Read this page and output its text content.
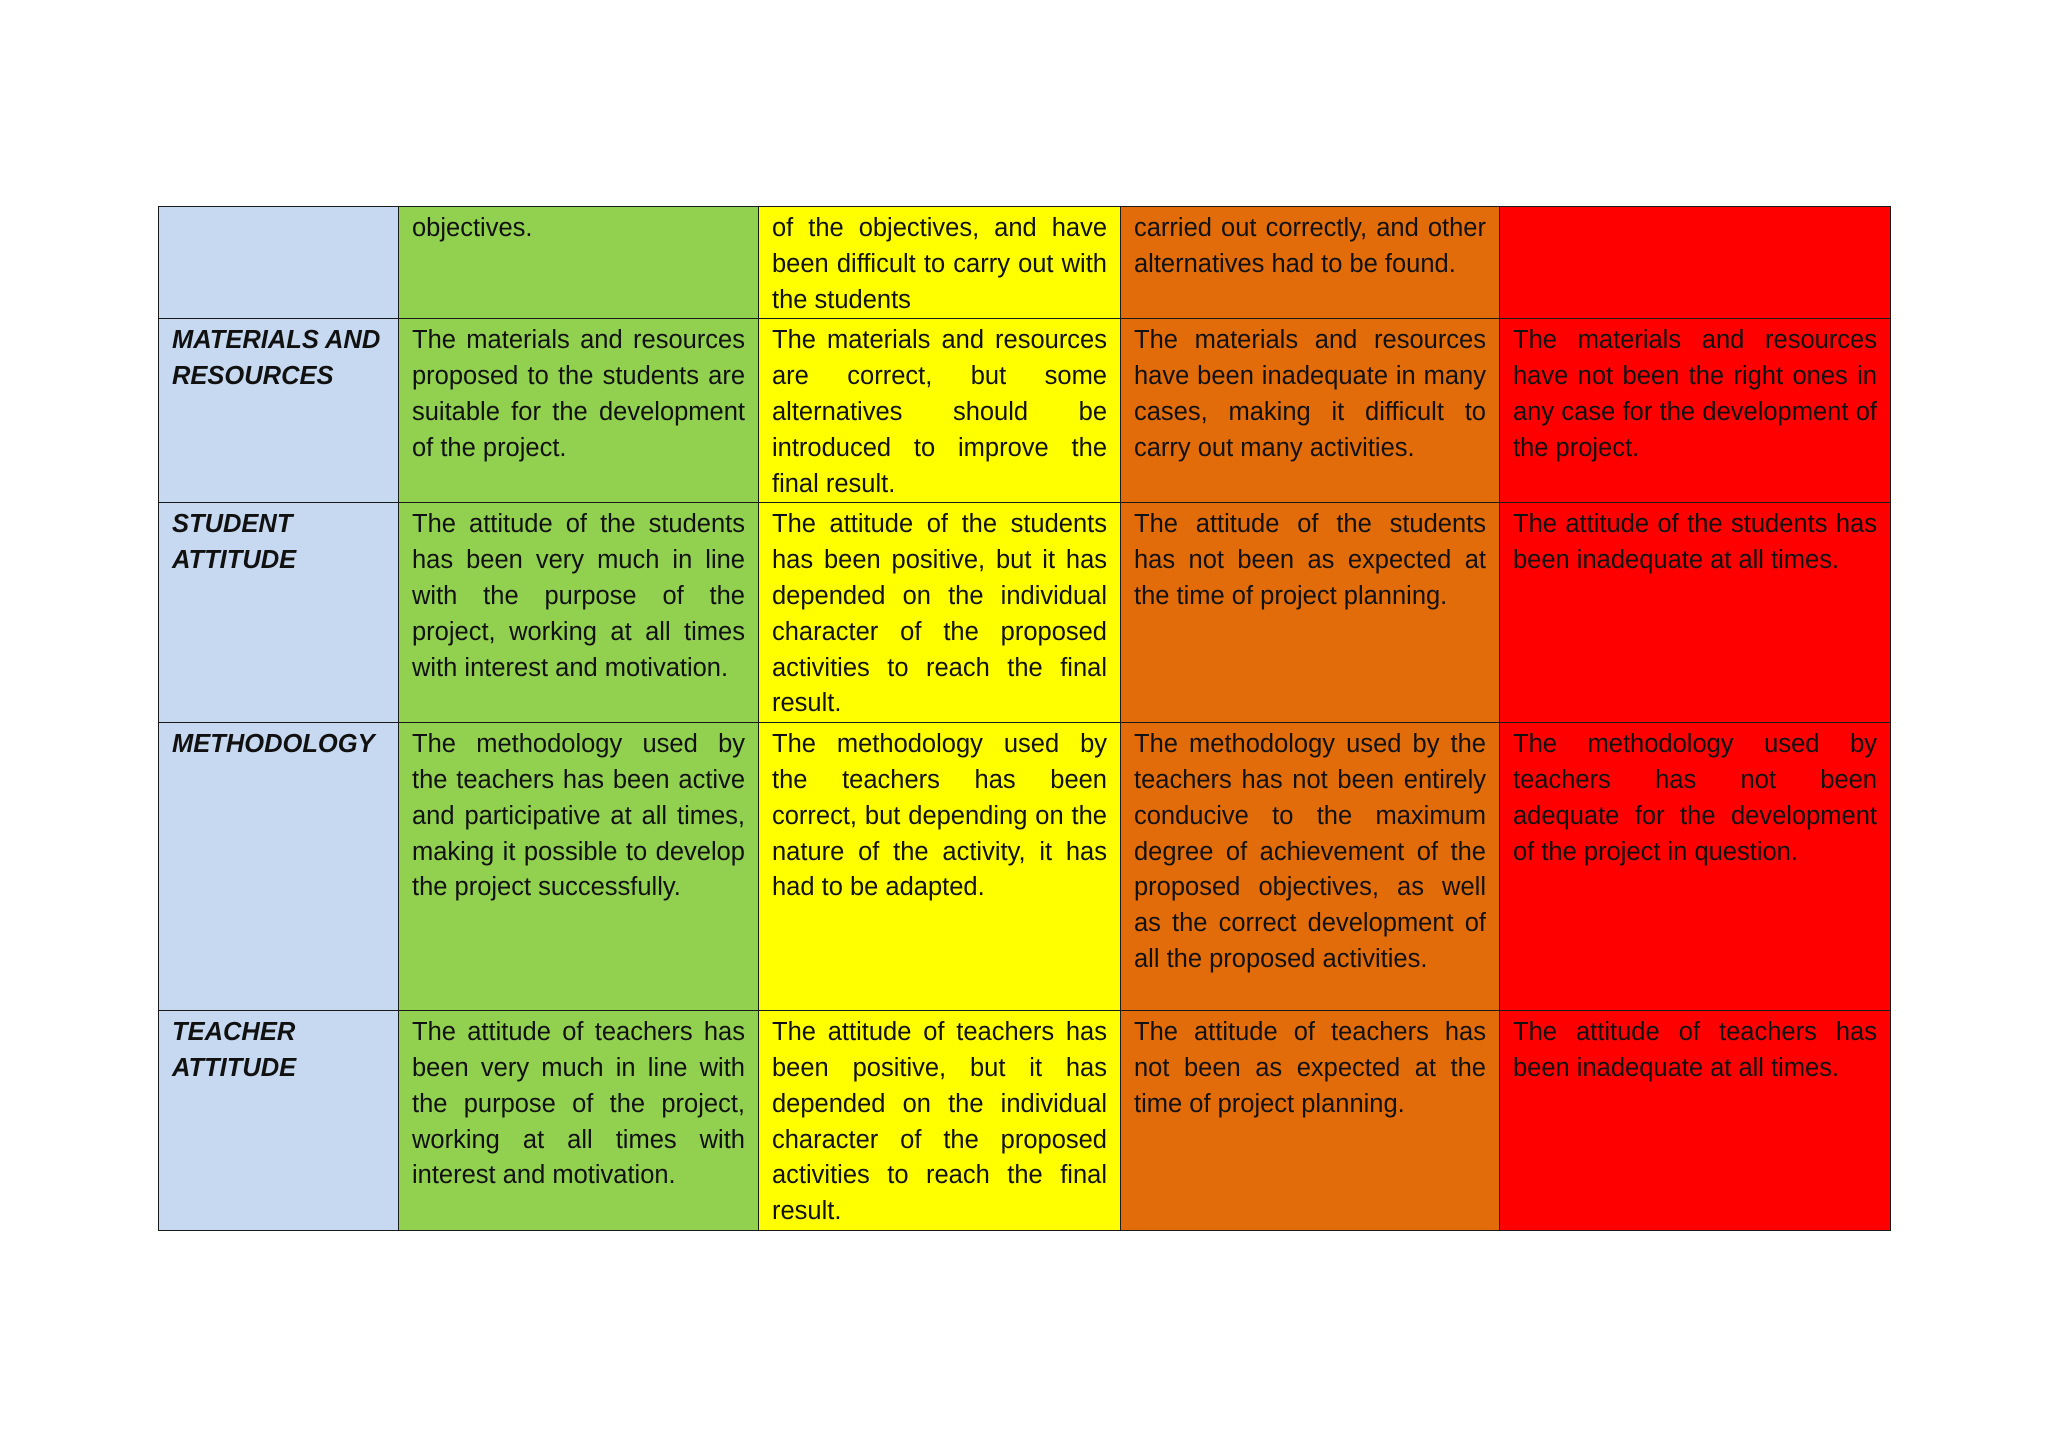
	objectives.	of the objectives, and have been difficult to carry out with the students	carried out correctly, and other alternatives had to be found.	

MATERIALS AND RESOURCES	The materials and resources proposed to the students are suitable for the development of the project.	The materials and resources are correct, but some alternatives should be introduced to improve the final result.	The materials and resources have been inadequate in many cases, making it difficult to carry out many activities.	The materials and resources have not been the right ones in any case for the development of the project.

STUDENT ATTITUDE	The attitude of the students has been very much in line with the purpose of the project, working at all times with interest and motivation.	The attitude of the students has been positive, but it has depended on the individual character of the proposed activities to reach the final result.	The attitude of the students has not been as expected at the time of project planning.	The attitude of the students has been inadequate at all times.

METHODOLOGY	The methodology used by the teachers has been active and participative at all times, making it possible to develop the project successfully.	The methodology used by the teachers has been correct, but depending on the nature of the activity, it has had to be adapted.	The methodology used by the teachers has not been entirely conducive to the maximum degree of achievement of the proposed objectives, as well as the correct development of all the proposed activities.	The methodology used by teachers has not been adequate for the development of the project in question.

TEACHER ATTITUDE	The attitude of teachers has been very much in line with the purpose of the project, working at all times with interest and motivation.	The attitude of teachers has been positive, but it has depended on the individual character of the proposed activities to reach the final result.	The attitude of teachers has not been as expected at the time of project planning.	The attitude of teachers has been inadequate at all times.
